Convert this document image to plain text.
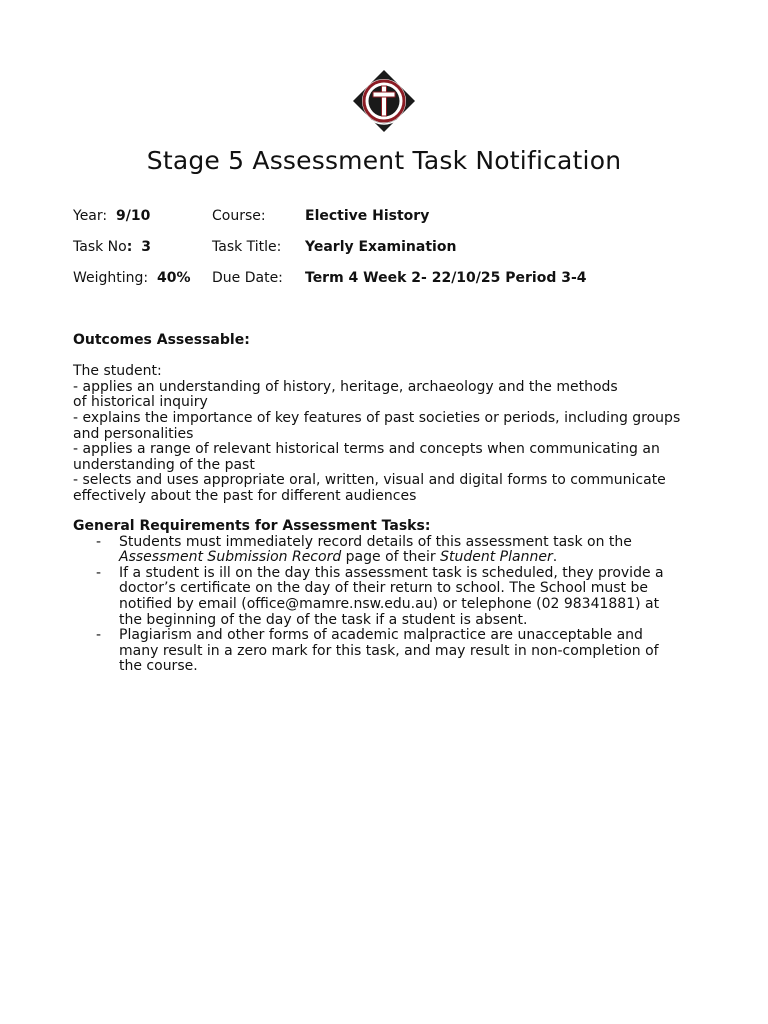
Stage 5 Assessment Task Notification
Year: 9/10	Course:	Elective History
Task No: 3	Task Title: Yearly Examination
Weighting: 40% Due Date: Term 4 Week 2- 22/10/25 Period 3-4
Outcomes Assessable:
The student:
- applies an understanding of history, heritage, archaeology and the methods
of historical inquiry
- explains the importance of key features of past societies or periods, including groups
and personalities
- applies a range of relevant historical terms and concepts when communicating an
understanding of the past
- selects and uses appropriate oral, written, visual and digital forms to communicate
effectively about the past for different audiences
General Requirements for Assessment Tasks:
- Students must immediately record details of this assessment task on the Assessment Submission Record page of their Student Planner.
- If a student is ill on the day this assessment task is scheduled, they provide a doctor’s certificate on the day of their return to school. The School must be notified by email (office@mamre.nsw.edu.au) or telephone (02 98341881) at the beginning of the day of the task if a student is absent.
- Plagiarism and other forms of academic malpractice are unacceptable and many result in a zero mark for this task, and may result in non-completion of the course.
